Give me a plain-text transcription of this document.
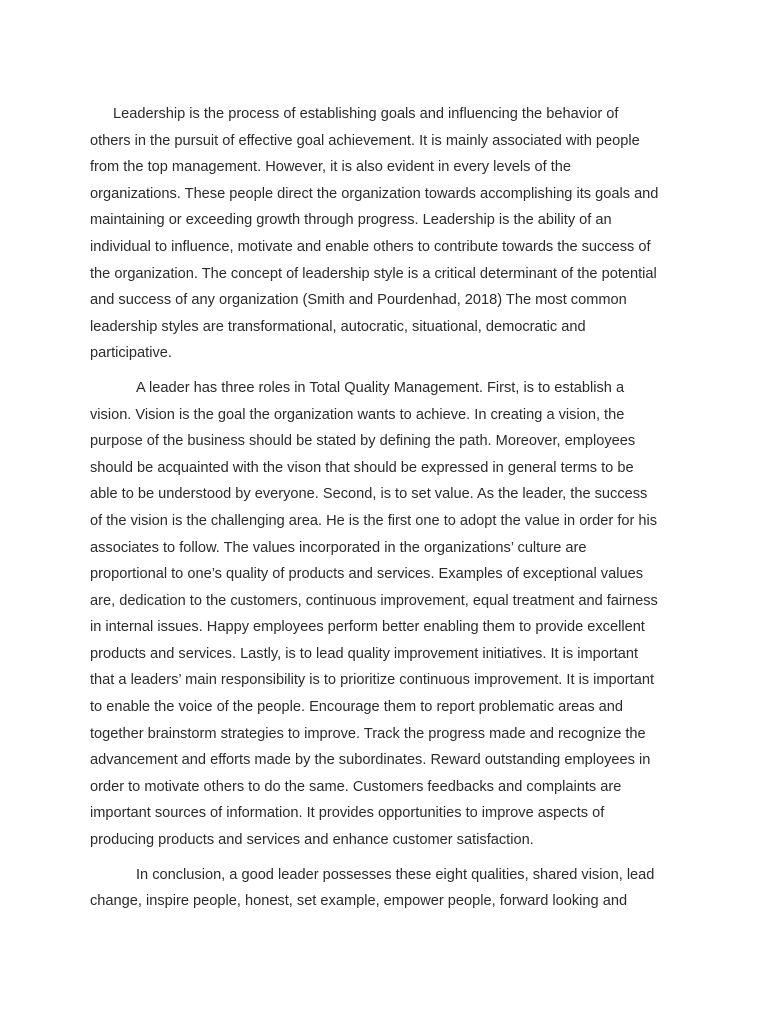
Leadership is the process of establishing goals and influencing the behavior of
others in the pursuit of effective goal achievement. It is mainly associated with people
from the top management. However, it is also evident in every levels of the
organizations. These people direct the organization towards accomplishing its goals and
maintaining or exceeding growth through progress. Leadership is the ability of an
individual to influence, motivate and enable others to contribute towards the success of
the organization. The concept of leadership style is a critical determinant of the potential
and success of any organization (Smith and Pourdenhad, 2018) The most common
leadership styles are transformational, autocratic, situational, democratic and
participative.
A leader has three roles in Total Quality Management. First, is to establish a
vision. Vision is the goal the organization wants to achieve. In creating a vision, the
purpose of the business should be stated by defining the path. Moreover, employees
should be acquainted with the vison that should be expressed in general terms to be
able to be understood by everyone. Second, is to set value. As the leader, the success
of the vision is the challenging area. He is the first one to adopt the value in order for his
associates to follow. The values incorporated in the organizations’ culture are
proportional to one’s quality of products and services. Examples of exceptional values
are, dedication to the customers, continuous improvement, equal treatment and fairness
in internal issues. Happy employees perform better enabling them to provide excellent
products and services. Lastly, is to lead quality improvement initiatives. It is important
that a leaders’ main responsibility is to prioritize continuous improvement. It is important
to enable the voice of the people. Encourage them to report problematic areas and
together brainstorm strategies to improve. Track the progress made and recognize the
advancement and efforts made by the subordinates. Reward outstanding employees in
order to motivate others to do the same. Customers feedbacks and complaints are
important sources of information. It provides opportunities to improve aspects of
producing products and services and enhance customer satisfaction.
In conclusion, a good leader possesses these eight qualities, shared vision, lead
change, inspire people, honest, set example, empower people, forward looking and
